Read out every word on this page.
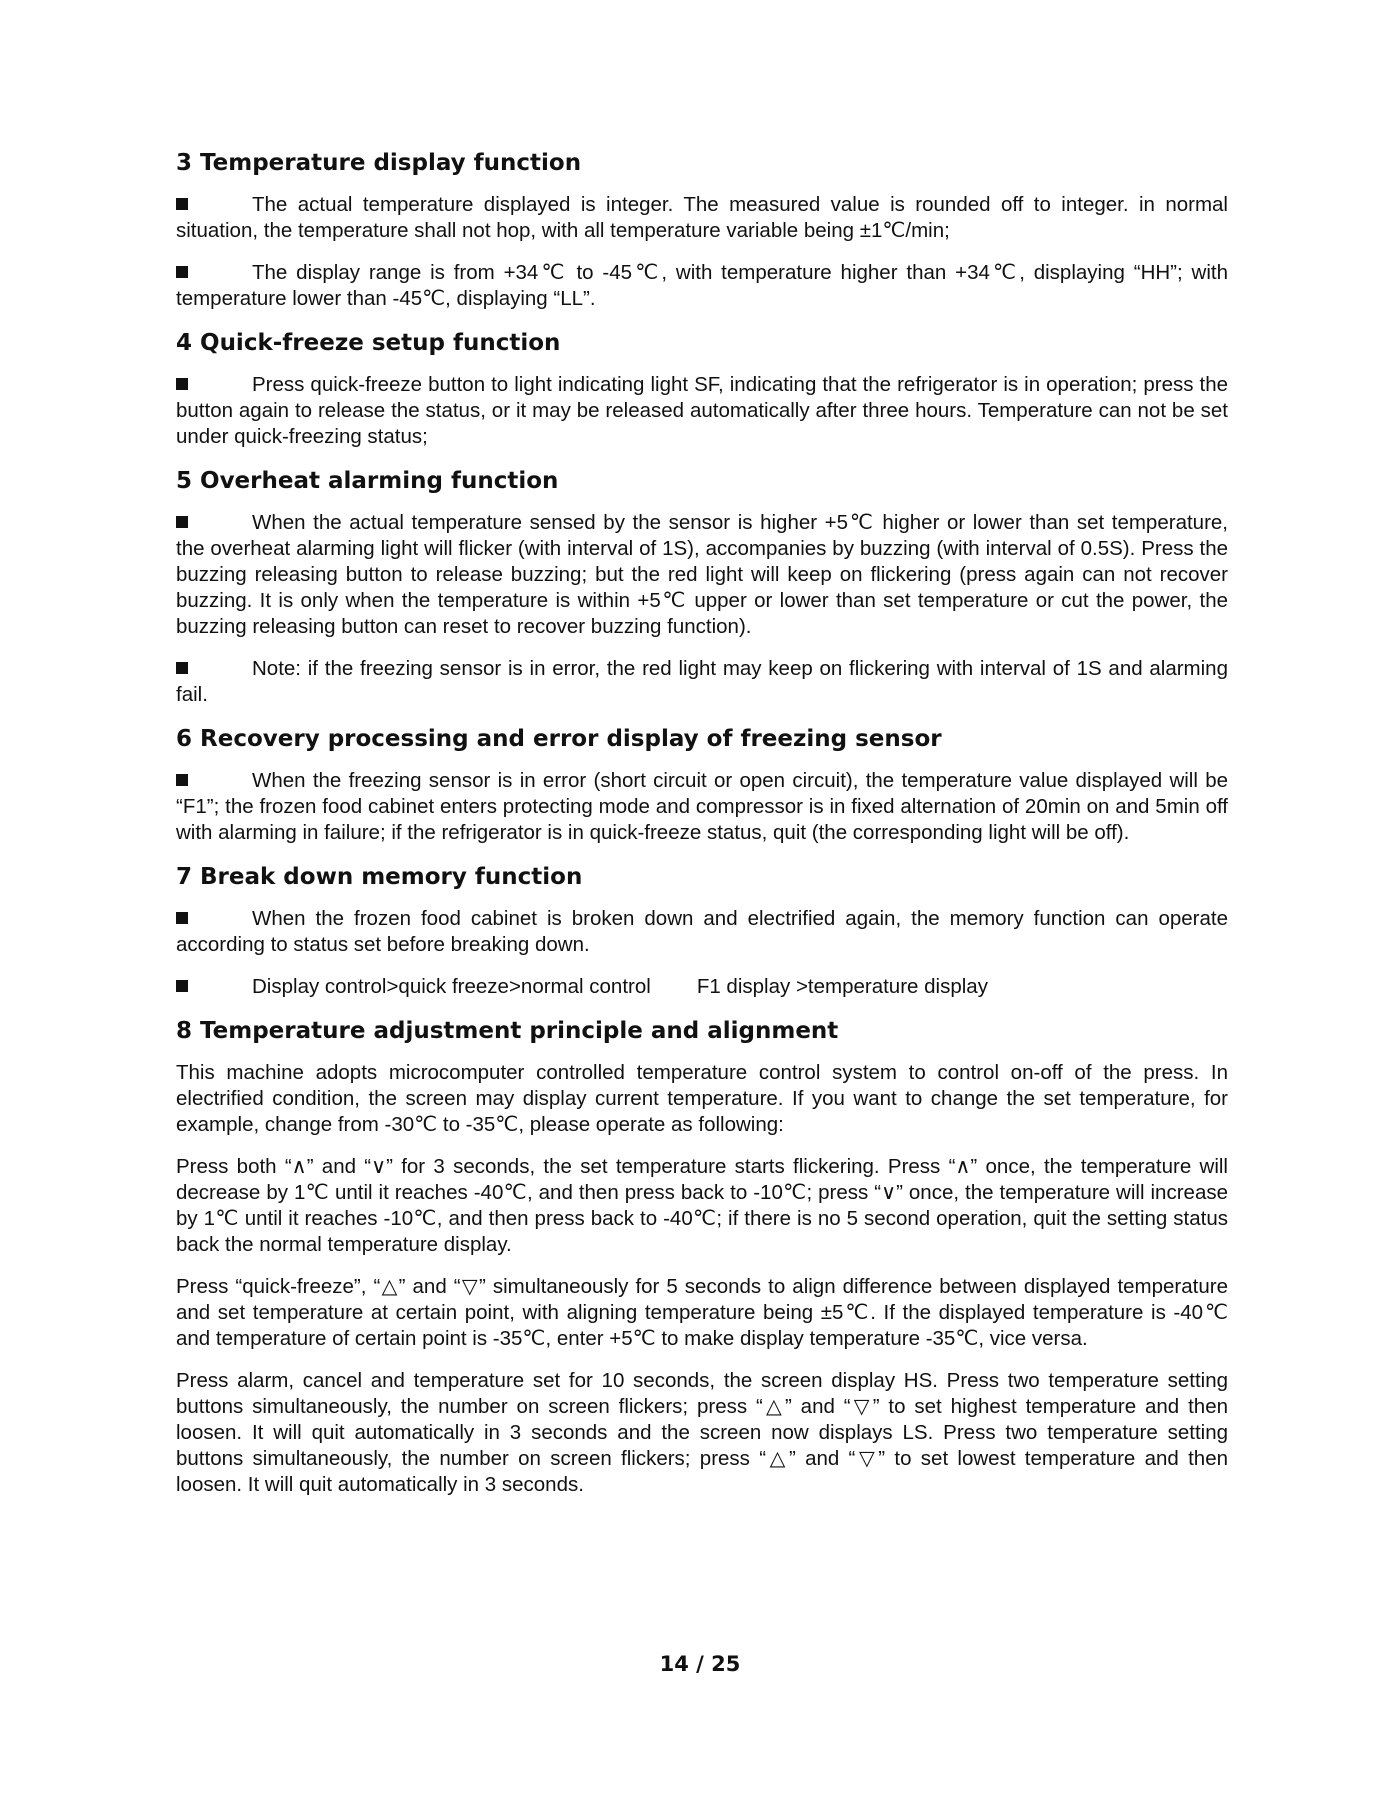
3 Temperature display function
The actual temperature displayed is integer. The measured value is rounded off to integer. in normal situation, the temperature shall not hop, with all temperature variable being ±1℃/min;
The display range is from +34℃ to -45℃, with temperature higher than +34℃, displaying “HH”; with temperature lower than -45℃, displaying “LL”.
4 Quick-freeze setup function
Press quick-freeze button to light indicating light SF, indicating that the refrigerator is in operation; press the button again to release the status, or it may be released automatically after three hours. Temperature can not be set under quick-freezing status;
5 Overheat alarming function
When the actual temperature sensed by the sensor is higher +5℃ higher or lower than set temperature, the overheat alarming light will flicker (with interval of 1S), accompanies by buzzing (with interval of 0.5S). Press the buzzing releasing button to release buzzing; but the red light will keep on flickering (press again can not recover buzzing. It is only when the temperature is within +5℃ upper or lower than set temperature or cut the power, the buzzing releasing button can reset to recover buzzing function).
Note: if the freezing sensor is in error, the red light may keep on flickering with interval of 1S and alarming fail.
6 Recovery processing and error display of freezing sensor
When the freezing sensor is in error (short circuit or open circuit), the temperature value displayed will be “F1”; the frozen food cabinet enters protecting mode and compressor is in fixed alternation of 20min on and 5min off with alarming in failure; if the refrigerator is in quick-freeze status, quit (the corresponding light will be off).
7 Break down memory function
When the frozen food cabinet is broken down and electrified again, the memory function can operate according to status set before breaking down.
Display control>quick freeze>normal control F1 display >temperature display
8 Temperature adjustment principle and alignment
This machine adopts microcomputer controlled temperature control system to control on-off of the press. In electrified condition, the screen may display current temperature. If you want to change the set temperature, for example, change from -30℃ to -35℃, please operate as following:
Press both “∧” and “∨” for 3 seconds, the set temperature starts flickering. Press “∧” once, the temperature will decrease by 1℃ until it reaches -40℃, and then press back to -10℃; press “∨” once, the temperature will increase by 1℃ until it reaches -10℃, and then press back to -40℃; if there is no 5 second operation, quit the setting status back the normal temperature display.
Press “quick-freeze”, “△” and “▽” simultaneously for 5 seconds to align difference between displayed temperature and set temperature at certain point, with aligning temperature being ±5℃. If the displayed temperature is -40℃ and temperature of certain point is -35℃, enter +5℃ to make display temperature -35℃, vice versa.
Press alarm, cancel and temperature set for 10 seconds, the screen display HS. Press two temperature setting buttons simultaneously, the number on screen flickers; press “△” and “▽” to set highest temperature and then loosen. It will quit automatically in 3 seconds and the screen now displays LS. Press two temperature setting buttons simultaneously, the number on screen flickers; press “△” and “▽” to set lowest temperature and then loosen. It will quit automatically in 3 seconds.
14 / 25
